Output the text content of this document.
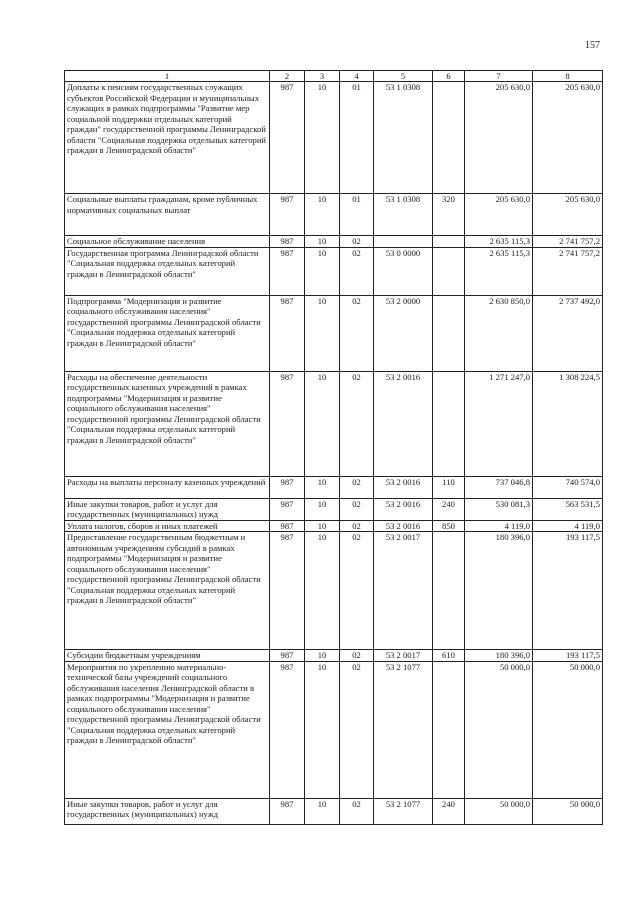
157
1	2	3	4	5	6	7	8
Доплаты к пенсиям государственных служащих субъектов Российской Федерации и муниципальных служащих в рамках подпрограммы "Развитие мер социальной поддержки отдельных категорий граждан" государственной программы Ленинградской области "Социальная поддержка отдельных категорий граждан в Ленинградской области"	987	10	01	53 1 0308		205 630,0	205 630,0
Социальные выплаты гражданам, кроме публичных нормативных социальных выплат	987	10	01	53 1 0308	320	205 630,0	205 630,0
Социальное обслуживание населения	987	10	02			2 635 115,3	2 741 757,2
Государственная программа Ленинградской области "Социальная поддержка отдельных категорий граждан в Ленинградской области"	987	10	02	53 0 0000		2 635 115,3	2 741 757,2
Подпрограмма "Модернизация и развитие социального обслуживания населения" государственной программы Ленинградской области "Социальная поддержка отдельных категорий граждан в Ленинградской области"	987	10	02	53 2 0000		2 630 850,0	2 737 492,0
Расходы на обеспечение деятельности государственных казенных учреждений в рамках подпрограммы "Модернизация и развитие социального обслуживания населения" государственной программы Ленинградской области "Социальная поддержка отдельных категорий граждан в Ленинградской области"	987	10	02	53 2 0016		1 271 247,0	1 308 224,5
Расходы на выплаты персоналу казенных учреждений	987	10	02	53 2 0016	110	737 046,8	740 574,0
Иные закупки товаров, работ и услуг для государственных (муниципальных) нужд	987	10	02	53 2 0016	240	530 081,3	563 531,5
Уплата налогов, сборов и иных платежей	987	10	02	53 2 0016	850	4 119,0	4 119,0
Предоставление государственным бюджетным и автономным учреждениям субсидий в рамках подпрограммы "Модернизация и развитие социального обслуживания населения" государственной программы Ленинградской области "Социальная поддержка отдельных категорий граждан в Ленинградской области"	987	10	02	53 2 0017		180 396,0	193 117,5
Субсидии бюджетным учреждениям	987	10	02	53 2 0017	610	180 396,0	193 117,5
Мероприятия по укреплению материально-технической базы учреждений социального обслуживания населения Ленинградской области в рамках подпрограммы "Модернизация и развитие социального обслуживания населения" государственной программы Ленинградской области "Социальная поддержка отдельных категорий граждан в Ленинградской области"	987	10	02	53 2 1077		50 000,0	50 000,0
Иные закупки товаров, работ и услуг для государственных (муниципальных) нужд	987	10	02	53 2 1077	240	50 000,0	50 000,0
